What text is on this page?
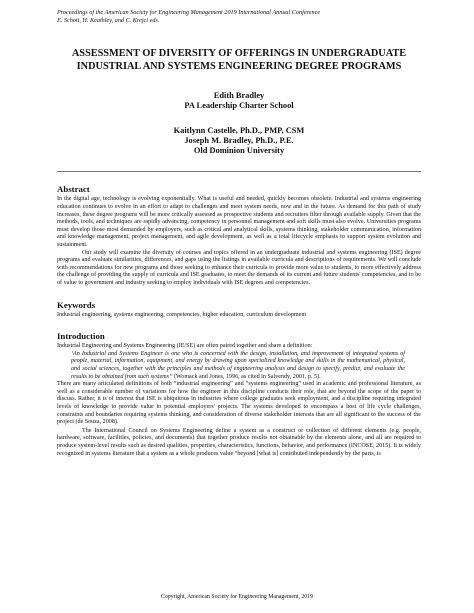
Proceedings of the American Society for Engineering Management 2019 International Annual Conference

E. Schott, H. Keathley, and C. Krejci eds.

ASSESSMENT OF DIVERSITY OF OFFERINGS IN UNDERGRADUATE
INDUSTRIAL AND SYSTEMS ENGINEERING DEGREE PROGRAMS
Edith Bradley
PA Leadership Charter School
Kaitlynn Castelle, Ph.D., PMP, CSM
Joseph M. Bradley, Ph.D., P.E.
Old Dominion University
Abstract

In the digital age, technology is evolving exponentially. What is useful and needed, quickly becomes obsolete. Industrial and systems engineering education continues to evolve in an effort to adapt to challenges and meet system needs, now and in the future. As demand for this path of study increases, these degree programs will be more critically assessed as prospective students and recruiters filter through available supply. Given that the methods, tools, and techniques are rapidly advancing, competency in personnel management and soft skills must also evolve. Universities programs must develop those most demanded by employers, such as critical and analytical skills, systems thinking, stakeholder communication, information and knowledge management, project management, and agile development, as well as a total lifecycle emphasis to support system evolution and sustainment.

Our study will examine the diversity of courses and topics offered in an undergraduate industrial and systems engineering (ISE) degree programs and evaluate similarities, differences, and gaps using the listings in available curricula and descriptions of requirements. We will conclude with recommendations for new programs and those seeking to enhance their curricula to provide more value to students, to more effectively address the challenge of providing the supply of curricula and ISE graduates, to meet the demands of its current and future students' competencies, and to be of value to government and industry seeking to employ individuals with ISE degrees and competencies.

Keywords

Industrial engineering, systems engineering, competencies, higher education, curriculum development

Introduction

Industrial Engineering and Systems Engineering (IE/SE) are often paired together and share a definition:

‘An Industrial and Systems Engineer is one who is concerned with the design, installation, and improvement of integrated systems of people, material, information, equipment, and energy by drawing upon specialized knowledge and skills in the mathematical, physical, and social sciences, together with the principles and methods of engineering analysis and design to specify, predict, and evaluate the results to be obtained from such systems’’ (Womack and Jones, 1996, as cited in Salvendy, 2001, p. 5).

There are many articulated definitions of both “industrial engineering” and “systems engineering” used in academic and professional literature, as well as a considerable number of variations for how the engineer in this discipline conducts their role, that are beyond the scope of the paper to discuss. Rather, it is of interest that ISE is ubiquitous in industries where college graduates seek employment, and a discipline requiring integrated levels of knowledge to provide value to potential employers' projects. The systems developed to encompass a host of life cycle challenges, constraints and boundaries requiring systems thinking, and consideration of diverse stakeholder interests that are all significant to the success of the project (de Souza, 2008).

The International Council on Systems Engineering define a system as a construct or collection of different elements (e.g. people, hardware, software, facilities, policies, and documents) that together produce results not obtainable by the elements alone, and all are required to produce system-level results such as desired qualities, properties, characteristics, functions, behavior, and performance (INCOSE, 2015). It is widely recognized in systems literature that a system as a whole produces value “beyond [what is] contributed independently by the parts, is

Copyright, American Society for Engineering Management, 2019
